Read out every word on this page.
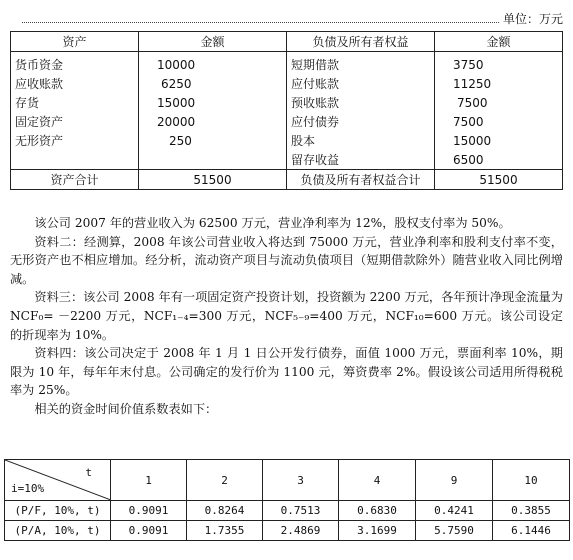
单位：万元
资产	金额	负债及所有者权益	金额
货币资金	10000	短期借款	3750
应收账款	6250	应付账款	11250
存货	15000	预收账款	7500
固定资产	20000	应付债券	7500
无形资产	250	股本	15000
		留存收益	6500
资产合计	51500	负债及所有者权益合计	51500

该公司 2007 年的营业收入为 62500 万元，营业净利率为 12%，股权支付率为 50%。

资料二：经测算，2008 年该公司营业收入将达到 75000 万元，营业净利率和股利支付率不变，无形资产也不相应增加。经分析，流动资产项目与流动负债项目（短期借款除外）随营业收入同比例增减。

资料三：该公司 2008 年有一项固定资产投资计划，投资额为 2200 万元，各年预计净现金流量为 NCF₀= －2200 万元，NCF₁₋₄=300 万元，NCF₅₋₉=400 万元，NCF₁₀=600 万元。该公司设定的折现率为 10%。

资料四：该公司决定于 2008 年 1 月 1 日公开发行债券，面值 1000 万元，票面利率 10%，期限为 10 年，每年年末付息。公司确定的发行价为 1100 元，筹资费率 2%。假设该公司适用所得税税率为 25%。

相关的资金时间价值系数表如下：

t
i=10%	1	2	3	4	9	10
(P/F, 10%, t)	0.9091	0.8264	0.7513	0.6830	0.4241	0.3855
(P/A, 10%, t)	0.9091	1.7355	2.4869	3.1699	5.7590	6.1446
